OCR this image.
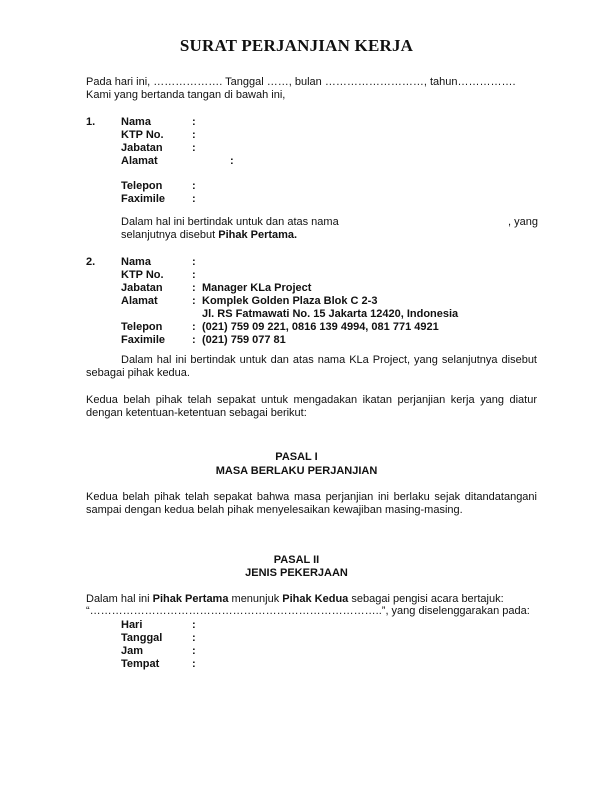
SURAT PERJANJIAN KERJA
Pada hari ini, ………………. Tanggal ……, bulan ………………………, tahun…………….
Kami yang bertanda tangan di bawah ini,
1. Nama	:
KTP No.	:
Jabatan	:
Alamat	:
Telepon	:
Faximile :
Dalam hal ini bertindak untuk dan atas nama	, yang
selanjutnya disebut Pihak Pertama.
2. Nama	:
KTP No.	:
Jabatan	: Manager KLa Project
Alamat	: Komplek Golden Plaza Blok C 2-3
Jl. RS Fatmawati No. 15 Jakarta 12420, Indonesia
Telepon	: (021) 759 09 221, 0816 139 4994, 081 771 4921
Faximile : (021) 759 077 81
Dalam hal ini bertindak untuk dan atas nama KLa Project, yang selanjutnya disebut
sebagai pihak kedua.
Kedua belah pihak telah sepakat untuk mengadakan ikatan perjanjian kerja yang diatur
dengan ketentuan-ketentuan sebagai berikut:
PASAL I
MASA BERLAKU PERJANJIAN
Kedua belah pihak telah sepakat bahwa masa perjanjian ini berlaku sejak ditandatangani
sampai dengan kedua belah pihak menyelesaikan kewajiban masing-masing.
PASAL II
JENIS PEKERJAAN
Dalam hal ini Pihak Pertama menunjuk Pihak Kedua sebagai pengisi acara bertajuk:
“……………………………………………………………………..”, yang diselenggarakan pada:
Hari	:
Tanggal	:
Jam	:
Tempat	:
